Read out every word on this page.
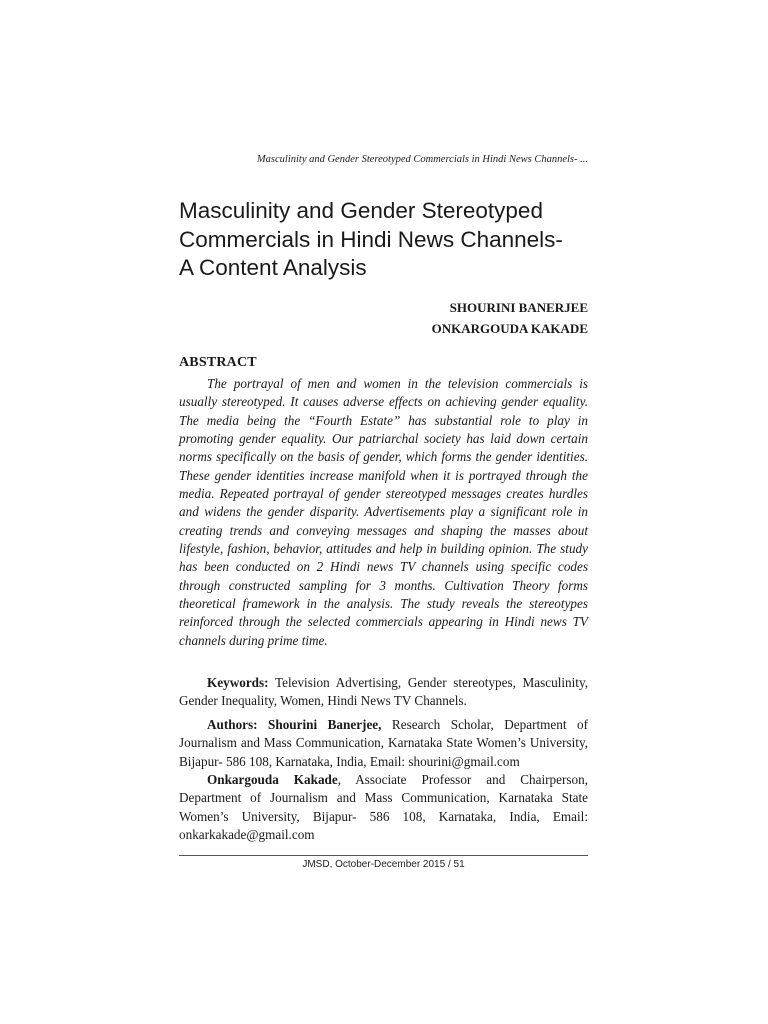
Masculinity and Gender Stereotyped Commercials in Hindi News Channels- ...
Masculinity and Gender Stereotyped
Commercials in Hindi News Channels-
A Content Analysis
SHOURINI BANERJEE
ONKARGOUDA KAKADE
ABSTRACT

The portrayal of men and women in the television commercials is usually stereotyped. It causes adverse effects on achieving gender equality. The media being the “Fourth Estate” has substantial role to play in promoting gender equality. Our patriarchal society has laid down certain norms specifically on the basis of gender, which forms the gender identities. These gender identities increase manifold when it is portrayed through the media. Repeated portrayal of gender stereotyped messages creates hurdles and widens the gender disparity. Advertisements play a significant role in creating trends and conveying messages and shaping the masses about lifestyle, fashion, behavior, attitudes and help in building opinion. The study has been conducted on 2 Hindi news TV channels using specific codes through constructed sampling for 3 months. Cultivation Theory forms theoretical framework in the analysis. The study reveals the stereotypes reinforced through the selected commercials appearing in Hindi news TV channels during prime time.

Keywords: Television Advertising, Gender stereotypes, Masculinity, Gender Inequality, Women, Hindi News TV Channels.

Authors: Shourini Banerjee, Research Scholar, Department of Journalism and Mass Communication, Karnataka State Women’s University, Bijapur- 586 108, Karnataka, India, Email: shourini@gmail.com

Onkargouda Kakade, Associate Professor and Chairperson, Department of Journalism and Mass Communication, Karnataka State Women’s University, Bijapur- 586 108, Karnataka, India, Email: onkarkakade@gmail.com

JMSD, October-December 2015 / 51
